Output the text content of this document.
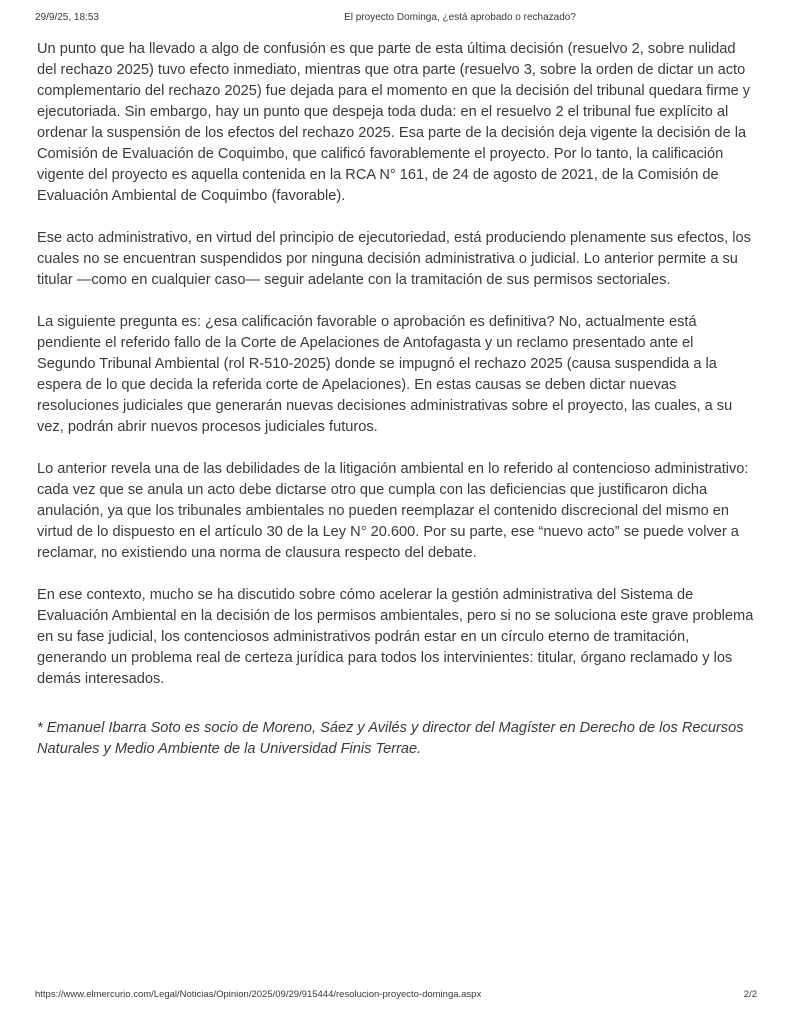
29/9/25, 18:53	El proyecto Dominga, ¿está aprobado o rechazado?

Un punto que ha llevado a algo de confusión es que parte de esta última decisión (resuelvo 2, sobre nulidad del rechazo 2025) tuvo efecto inmediato, mientras que otra parte (resuelvo 3, sobre la orden de dictar un acto complementario del rechazo 2025) fue dejada para el momento en que la decisión del tribunal quedara firme y ejecutoriada. Sin embargo, hay un punto que despeja toda duda: en el resuelvo 2 el tribunal fue explícito al ordenar la suspensión de los efectos del rechazo 2025. Esa parte de la decisión deja vigente la decisión de la Comisión de Evaluación de Coquimbo, que calificó favorablemente el proyecto. Por lo tanto, la calificación vigente del proyecto es aquella contenida en la RCA N° 161, de 24 de agosto de 2021, de la Comisión de Evaluación Ambiental de Coquimbo (favorable).

Ese acto administrativo, en virtud del principio de ejecutoriedad, está produciendo plenamente sus efectos, los cuales no se encuentran suspendidos por ninguna decisión administrativa o judicial. Lo anterior permite a su titular —como en cualquier caso— seguir adelante con la tramitación de sus permisos sectoriales.

La siguiente pregunta es: ¿esa calificación favorable o aprobación es definitiva? No, actualmente está pendiente el referido fallo de la Corte de Apelaciones de Antofagasta y un reclamo presentado ante el Segundo Tribunal Ambiental (rol R-510-2025) donde se impugnó el rechazo 2025 (causa suspendida a la espera de lo que decida la referida corte de Apelaciones). En estas causas se deben dictar nuevas resoluciones judiciales que generarán nuevas decisiones administrativas sobre el proyecto, las cuales, a su vez, podrán abrir nuevos procesos judiciales futuros.

Lo anterior revela una de las debilidades de la litigación ambiental en lo referido al contencioso administrativo: cada vez que se anula un acto debe dictarse otro que cumpla con las deficiencias que justificaron dicha anulación, ya que los tribunales ambientales no pueden reemplazar el contenido discrecional del mismo en virtud de lo dispuesto en el artículo 30 de la Ley N° 20.600. Por su parte, ese “nuevo acto” se puede volver a reclamar, no existiendo una norma de clausura respecto del debate.

En ese contexto, mucho se ha discutido sobre cómo acelerar la gestión administrativa del Sistema de Evaluación Ambiental en la decisión de los permisos ambientales, pero si no se soluciona este grave problema en su fase judicial, los contenciosos administrativos podrán estar en un círculo eterno de tramitación, generando un problema real de certeza jurídica para todos los intervinientes: titular, órgano reclamado y los demás interesados.

* Emanuel Ibarra Soto es socio de Moreno, Sáez y Avilés y director del Magíster en Derecho de los Recursos Naturales y Medio Ambiente de la Universidad Finis Terrae.

https://www.elmercurio.com/Legal/Noticias/Opinion/2025/09/29/915444/resolucion-proyecto-dominga.aspx	2/2
